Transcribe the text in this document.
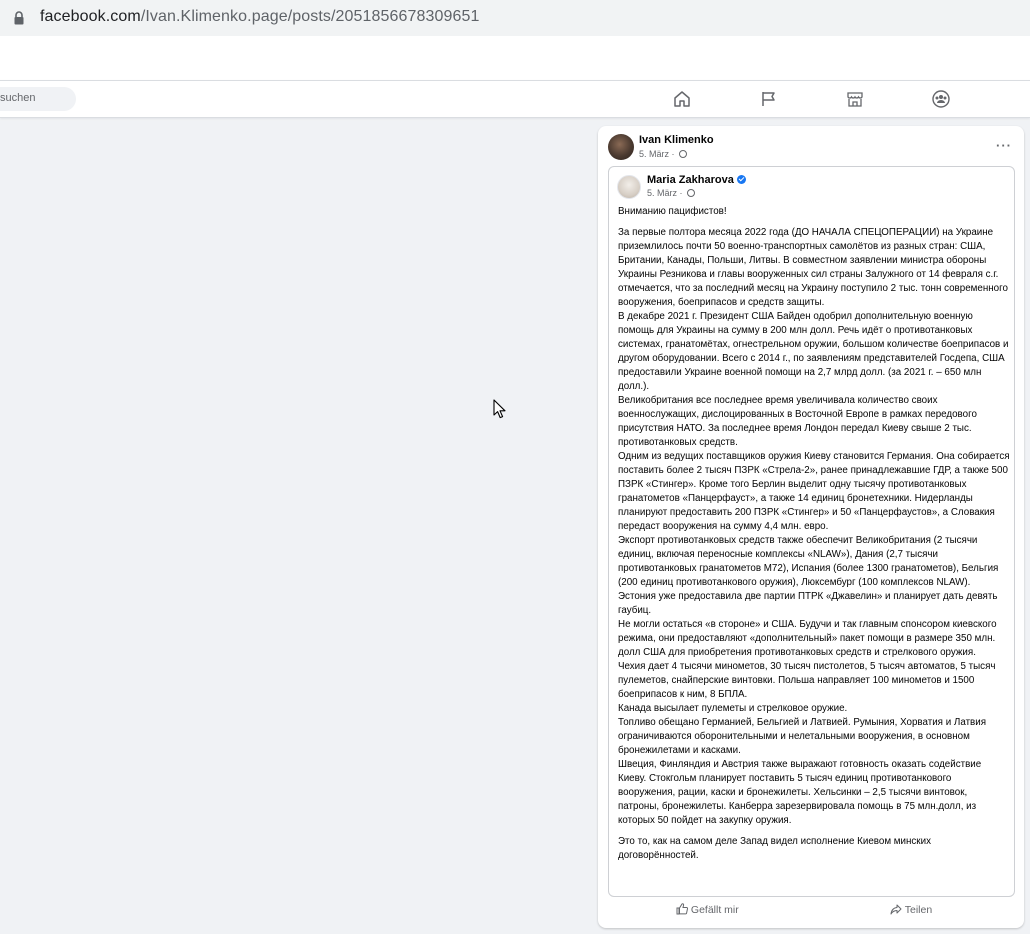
facebook.com/Ivan.Klimenko.page/posts/2051856678309651
suchen
Ivan Klimenko
5. März ·
···
Maria Zakharova
5. März ·

Вниманию пацифистов!

За первые полтора месяца 2022 года (ДО НАЧАЛА СПЕЦОПЕРАЦИИ) на Украине приземлилось почти 50 военно-транспортных самолётов из разных стран: США, Британии, Канады, Польши, Литвы. В совместном заявлении министра обороны Украины Резникова и главы вооруженных сил страны Залужного от 14 февраля с.г. отмечается, что за последний месяц на Украину поступило 2 тыс. тонн современного вооружения, боеприпасов и средств защиты.

В декабре 2021 г. Президент США Байден одобрил дополнительную военную помощь для Украины на сумму в 200 млн долл. Речь идёт о противотанковых системах, гранатомётах, огнестрельном оружии, большом количестве боеприпасов и другом оборудовании. Всего с 2014 г., по заявлениям представителей Госдепа, США предоставили Украине военной помощи на 2,7 млрд долл. (за 2021 г. – 650 млн долл.).

Великобритания все последнее время увеличивала количество своих военнослужащих, дислоцированных в Восточной Европе в рамках передового присутствия НАТО. За последнее время Лондон передал Киеву свыше 2 тыс. противотанковых средств.

Одним из ведущих поставщиков оружия Киеву становится Германия. Она собирается поставить более 2 тысяч ПЗРК «Стрела-2», ранее принадлежавшие ГДР, а также 500 ПЗРК «Стингер». Кроме того Берлин выделит одну тысячу противотанковых гранатометов «Панцерфауст», а также 14 единиц бронетехники. Нидерланды планируют предоставить 200 ПЗРК «Стингер» и 50 «Панцерфаустов», а Словакия передаст вооружения на сумму 4,4 млн. евро.

Экспорт противотанковых средств также обеспечит Великобритания (2 тысячи единиц, включая переносные комплексы «NLAW»), Дания (2,7 тысячи противотанковых гранатометов M72), Испания (более 1300 гранатометов), Бельгия (200 единиц противотанкового оружия), Люксембург (100 комплексов NLAW). Эстония уже предоставила две партии ПТРК «Джавелин» и планирует дать девять гаубиц.

Не могли остаться «в стороне» и США. Будучи и так главным спонсором киевского режима, они предоставляют «дополнительный» пакет помощи в размере 350 млн. долл США для приобретения противотанковых средств и стрелкового оружия.

Чехия дает 4 тысячи минометов, 30 тысяч пистолетов, 5 тысяч автоматов, 5 тысяч пулеметов, снайперские винтовки. Польша направляет 100 минометов и 1500 боеприпасов к ним, 8 БПЛА.

Канада высылает пулеметы и стрелковое оружие.

Топливо обещано Германией, Бельгией и Латвией. Румыния, Хорватия и Латвия ограничиваются оборонительными и нелетальными вооружения, в основном бронежилетами и касками.

Швеция, Финляндия и Австрия также выражают готовность оказать содействие Киеву. Стокгольм планирует поставить 5 тысяч единиц противотанкового вооружения, рации, каски и бронежилеты. Хельсинки – 2,5 тысячи винтовок, патроны, бронежилеты. Канберра зарезервировала помощь в 75 млн.долл, из которых 50 пойдет на закупку оружия.

Это то, как на самом деле Запад видел исполнение Киевом минских договорённостей.

Gefällt mir	Teilen
